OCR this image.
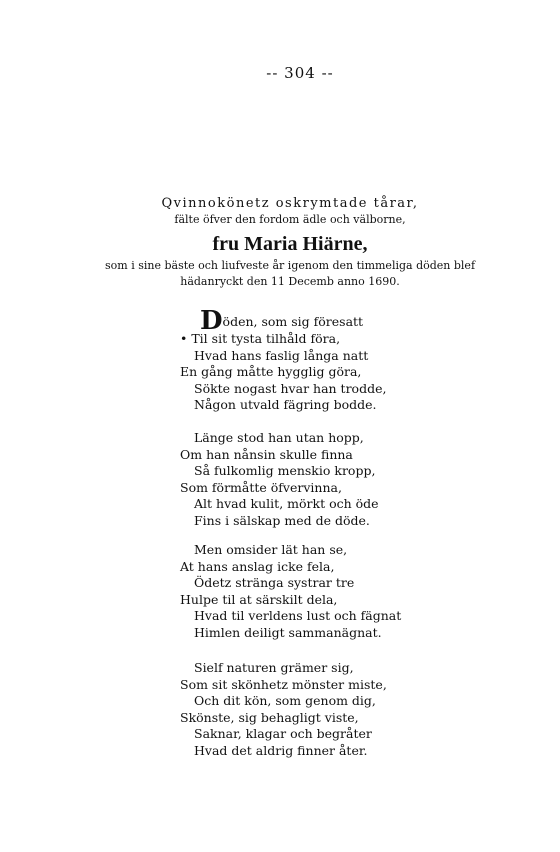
-- 304 --
Qvinnokönetz oskrymtade tårar,
fälte öfver den fordom ädle och välborne,
fru Maria Hiärne,
som i sine bäste och liufveste år igenom den timmeliga döden blef
hädanryckt den 11 Decemb anno 1690.
Döden, som sig föresatt
• Til sit tysta tilhåld föra,
Hvad hans faslig långa natt
En gång måtte hygglig göra,
Sökte nogast hvar han trodde,
Någon utvald fägring bodde.
Länge stod han utan hopp,
Om han nånsin skulle finna
Så fulkomlig menskio kropp,
Som förmåtte öfvervinna,
Alt hvad kulit, mörkt och öde
Fins i sälskap med de döde.
Men omsider lät han se,
At hans anslag icke fela,
Ödetz stränga systrar tre
Hulpe til at särskilt dela,
Hvad til verldens lust och fägnat
Himlen deiligt sammanägnat.
Sielf naturen grämer sig,
Som sit skönhetz mönster miste,
Och dit kön, som genom dig,
Skönste, sig behagligt viste,
Saknar, klagar och begråter
Hvad det aldrig finner åter.
